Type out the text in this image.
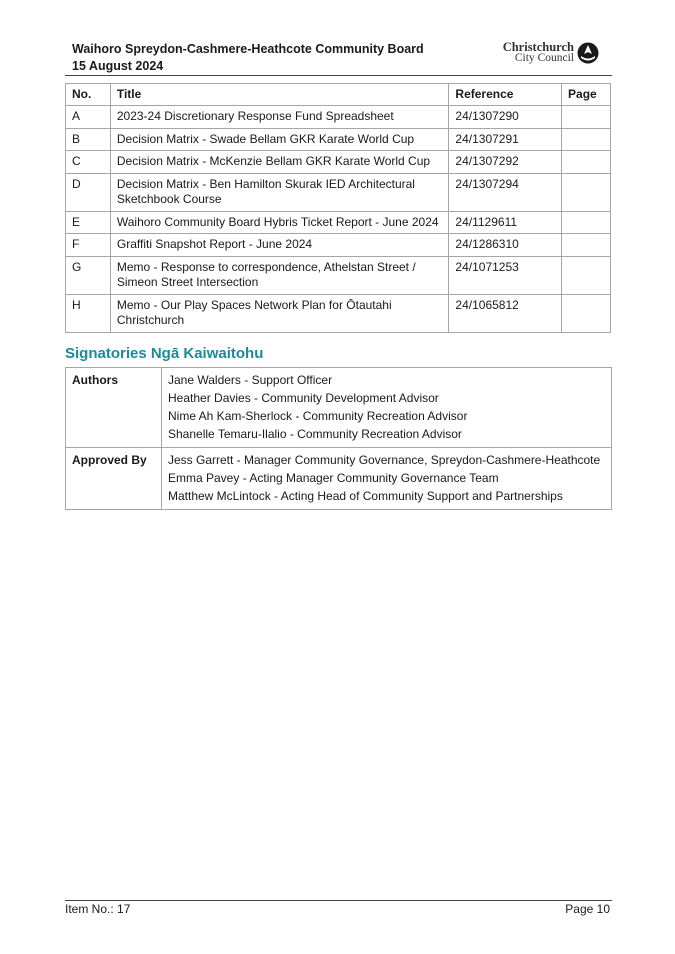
Waihoro Spreydon-Cashmere-Heathcote Community Board
15 August 2024
Christchurch
City Council
No.	Title	Reference	Page
A	2023-24 Discretionary Response Fund Spreadsheet	24/1307290	
B	Decision Matrix - Swade Bellam GKR Karate World Cup	24/1307291	
C	Decision Matrix - McKenzie Bellam GKR Karate World Cup	24/1307292	
D	Decision Matrix - Ben Hamilton Skurak IED Architectural Sketchbook Course	24/1307294	
E	Waihoro Community Board Hybris Ticket Report - June 2024	24/1129611	
F	Graffiti Snapshot Report - June 2024	24/1286310	
G	Memo - Response to correspondence, Athelstan Street / Simeon Street Intersection	24/1071253	
H	Memo - Our Play Spaces Network Plan for Ōtautahi Christchurch	24/1065812	
Signatories Ngā Kaiwaitohu
Authors	Jane Walders - Support Officer
Heather Davies - Community Development Advisor
Nime Ah Kam-Sherlock - Community Recreation Advisor
Shanelle Temaru-Ilalio - Community Recreation Advisor

Approved By	Jess Garrett - Manager Community Governance, Spreydon-Cashmere-Heathcote
Emma Pavey - Acting Manager Community Governance Team
Matthew McLintock - Acting Head of Community Support and Partnerships
Item No.: 17	Page 10
